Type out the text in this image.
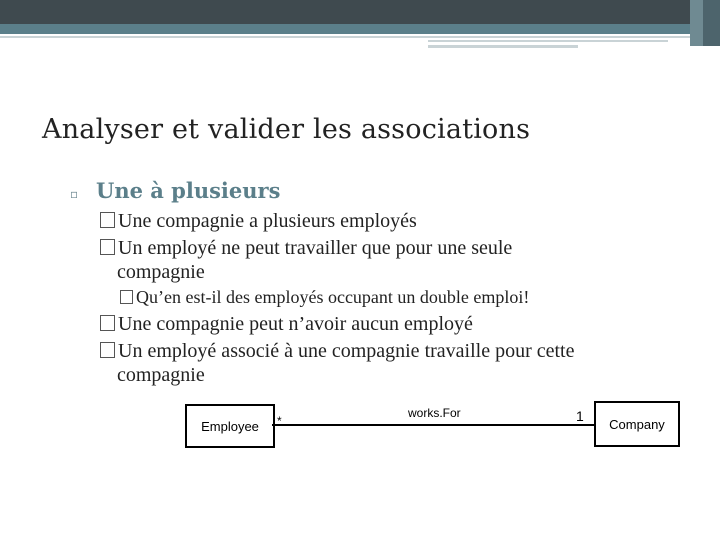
Analyser et valider les associations
▫ Une à plusieurs
Une compagnie a plusieurs employés
Un employé ne peut travailler que pour une seule
compagnie
Qu’en est-il des employés occupant un double emploi!
Une compagnie peut n’avoir aucun employé
Un employé associé à une compagnie travaille pour cette
compagnie
Employee *
works.For	1 Company
